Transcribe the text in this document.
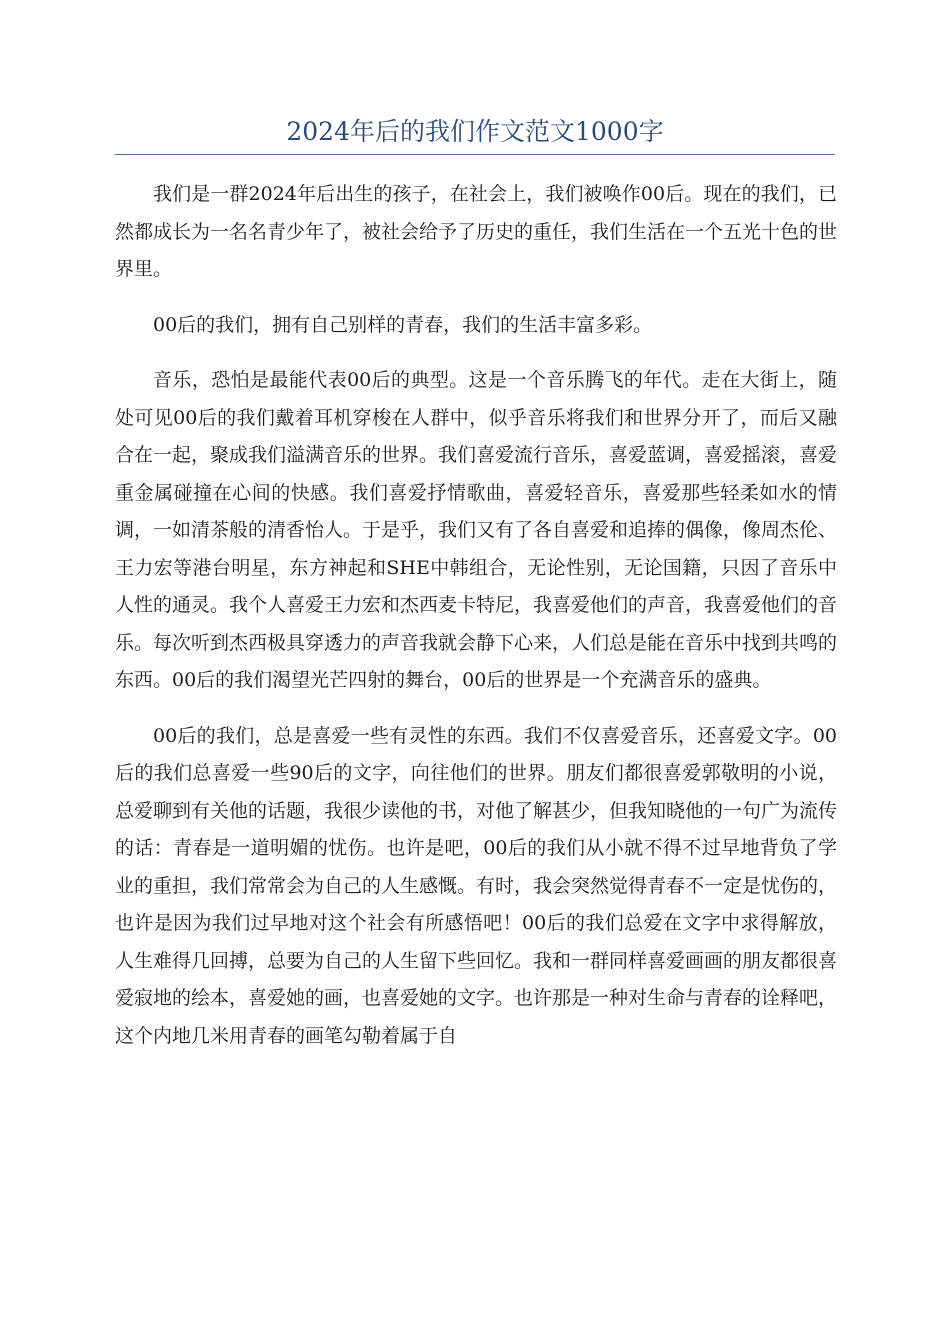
2024年后的我们作文范文1000字

我们是一群2024年后出生的孩子，在社会上，我们被唤作00后。现在的我们，已然都成长为一名名青少年了，被社会给予了历史的重任，我们生活在一个五光十色的世界里。

00后的我们，拥有自己别样的青春，我们的生活丰富多彩。

音乐，恐怕是最能代表00后的典型。这是一个音乐腾飞的年代。走在大街上，随处可见00后的我们戴着耳机穿梭在人群中，似乎音乐将我们和世界分开了，而后又融合在一起，聚成我们溢满音乐的世界。我们喜爱流行音乐，喜爱蓝调，喜爱摇滚，喜爱重金属碰撞在心间的快感。我们喜爱抒情歌曲，喜爱轻音乐，喜爱那些轻柔如水的情调，一如清茶般的清香怡人。于是乎，我们又有了各自喜爱和追捧的偶像，像周杰伦、王力宏等港台明星，东方神起和SHE中韩组合，无论性别，无论国籍，只因了音乐中人性的通灵。我个人喜爱王力宏和杰西麦卡特尼，我喜爱他们的声音，我喜爱他们的音乐。每次听到杰西极具穿透力的声音我就会静下心来，人们总是能在音乐中找到共鸣的东西。00后的我们渴望光芒四射的舞台，00后的世界是一个充满音乐的盛典。

00后的我们，总是喜爱一些有灵性的东西。我们不仅喜爱音乐，还喜爱文字。00后的我们总喜爱一些90后的文字，向往他们的世界。朋友们都很喜爱郭敬明的小说，总爱聊到有关他的话题，我很少读他的书，对他了解甚少，但我知晓他的一句广为流传的话：青春是一道明媚的忧伤。也许是吧，00后的我们从小就不得不过早地背负了学业的重担，我们常常会为自己的人生感慨。有时，我会突然觉得青春不一定是忧伤的，也许是因为我们过早地对这个社会有所感悟吧！00后的我们总爱在文字中求得解放，人生难得几回搏，总要为自己的人生留下些回忆。我和一群同样喜爱画画的朋友都很喜爱寂地的绘本，喜爱她的画，也喜爱她的文字。也许那是一种对生命与青春的诠释吧，这个内地几米用青春的画笔勾勒着属于自
